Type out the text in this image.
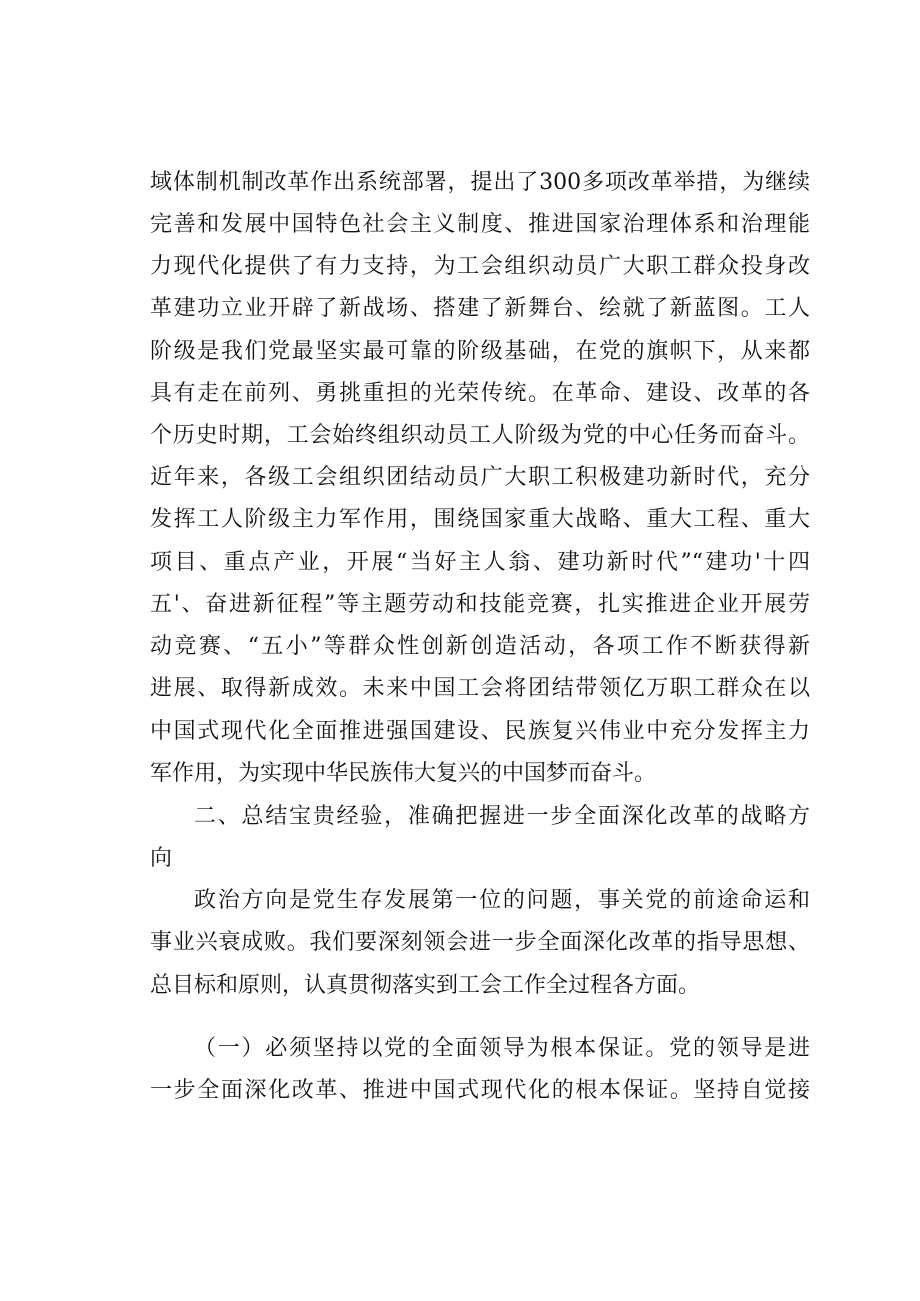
域体制机制改革作出系统部署，提出了300多项改革举措，为继续
完善和发展中国特色社会主义制度、推进国家治理体系和治理能
力现代化提供了有力支持，为工会组织动员广大职工群众投身改
革建功立业开辟了新战场、搭建了新舞台、绘就了新蓝图。工人
阶级是我们党最坚实最可靠的阶级基础，在党的旗帜下，从来都
具有走在前列、勇挑重担的光荣传统。在革命、建设、改革的各
个历史时期，工会始终组织动员工人阶级为党的中心任务而奋斗。
近年来，各级工会组织团结动员广大职工积极建功新时代，充分
发挥工人阶级主力军作用，围绕国家重大战略、重大工程、重大
项目、重点产业，开展“当好主人翁、建功新时代”“建功'十四
五'、奋进新征程”等主题劳动和技能竞赛，扎实推进企业开展劳
动竞赛、“五小”等群众性创新创造活动，各项工作不断获得新
进展、取得新成效。未来中国工会将团结带领亿万职工群众在以
中国式现代化全面推进强国建设、民族复兴伟业中充分发挥主力
军作用，为实现中华民族伟大复兴的中国梦而奋斗。
二、总结宝贵经验，准确把握进一步全面深化改革的战略方
向
政治方向是党生存发展第一位的问题，事关党的前途命运和
事业兴衰成败。我们要深刻领会进一步全面深化改革的指导思想、
总目标和原则，认真贯彻落实到工会工作全过程各方面。
（一）必须坚持以党的全面领导为根本保证。党的领导是进
一步全面深化改革、推进中国式现代化的根本保证。坚持自觉接
